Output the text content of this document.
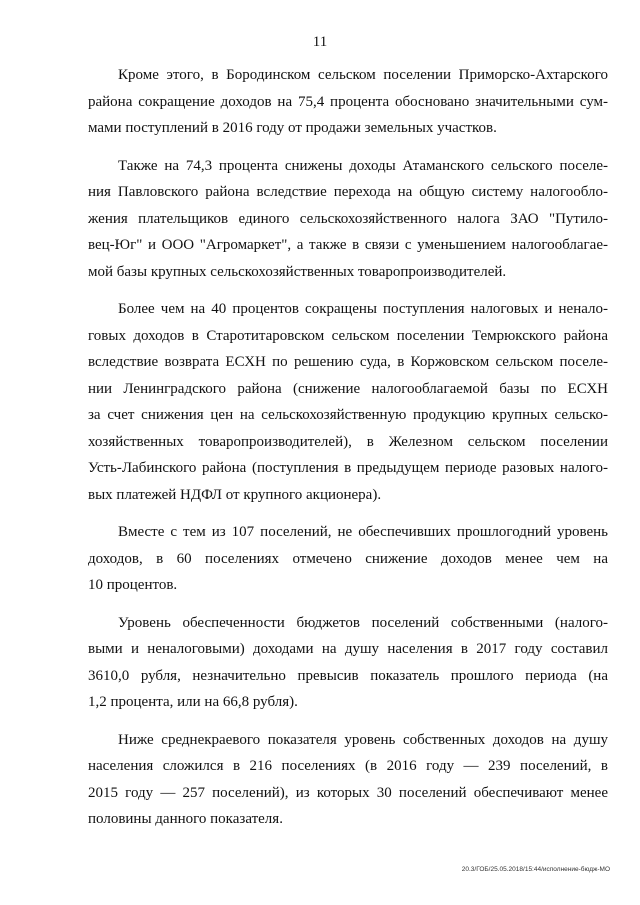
11

Кроме этого, в Бородинском сельском поселении Приморско-Ахтарского
района сокращение доходов на 75,4 процента обосновано значительными сум-
мами поступлений в 2016 году от продажи земельных участков.

Также на 74,3 процента снижены доходы Атаманского сельского поселе-
ния Павловского района вследствие перехода на общую систему налогообло-
жения плательщиков единого сельскохозяйственного налога ЗАО "Путило-
вец-Юг" и ООО "Агромаркет", а также в связи с уменьшением налогооблагае-
мой базы крупных сельскохозяйственных товаропроизводителей.

Более чем на 40 процентов сокращены поступления налоговых и ненало-
говых доходов в Старотитаровском сельском поселении Темрюкского района
вследствие возврата ЕСХН по решению суда, в Коржовском сельском поселе-
нии Ленинградского района (снижение налогооблагаемой базы по ЕСХН
за счет снижения цен на сельскохозяйственную продукцию крупных сельско-
хозяйственных товаропроизводителей), в Железном сельском поселении
Усть-Лабинского района (поступления в предыдущем периоде разовых налого-
вых платежей НДФЛ от крупного акционера).

Вместе с тем из 107 поселений, не обеспечивших прошлогодний уровень
доходов, в 60 поселениях отмечено снижение доходов менее чем на
10 процентов.

Уровень обеспеченности бюджетов поселений собственными (налого-
выми и неналоговыми) доходами на душу населения в 2017 году составил
3610,0 рубля, незначительно превысив показатель прошлого периода (на
1,2 процента, или на 66,8 рубля).

Ниже среднекраевого показателя уровень собственных доходов на душу
населения сложился в 216 поселениях (в 2016 году — 239 поселений, в
2015 году — 257 поселений), из которых 30 поселений обеспечивают менее
половины данного показателя.

20.3/ГОБ/25.05.2018/15:44/исполнение-бюдж-МО
